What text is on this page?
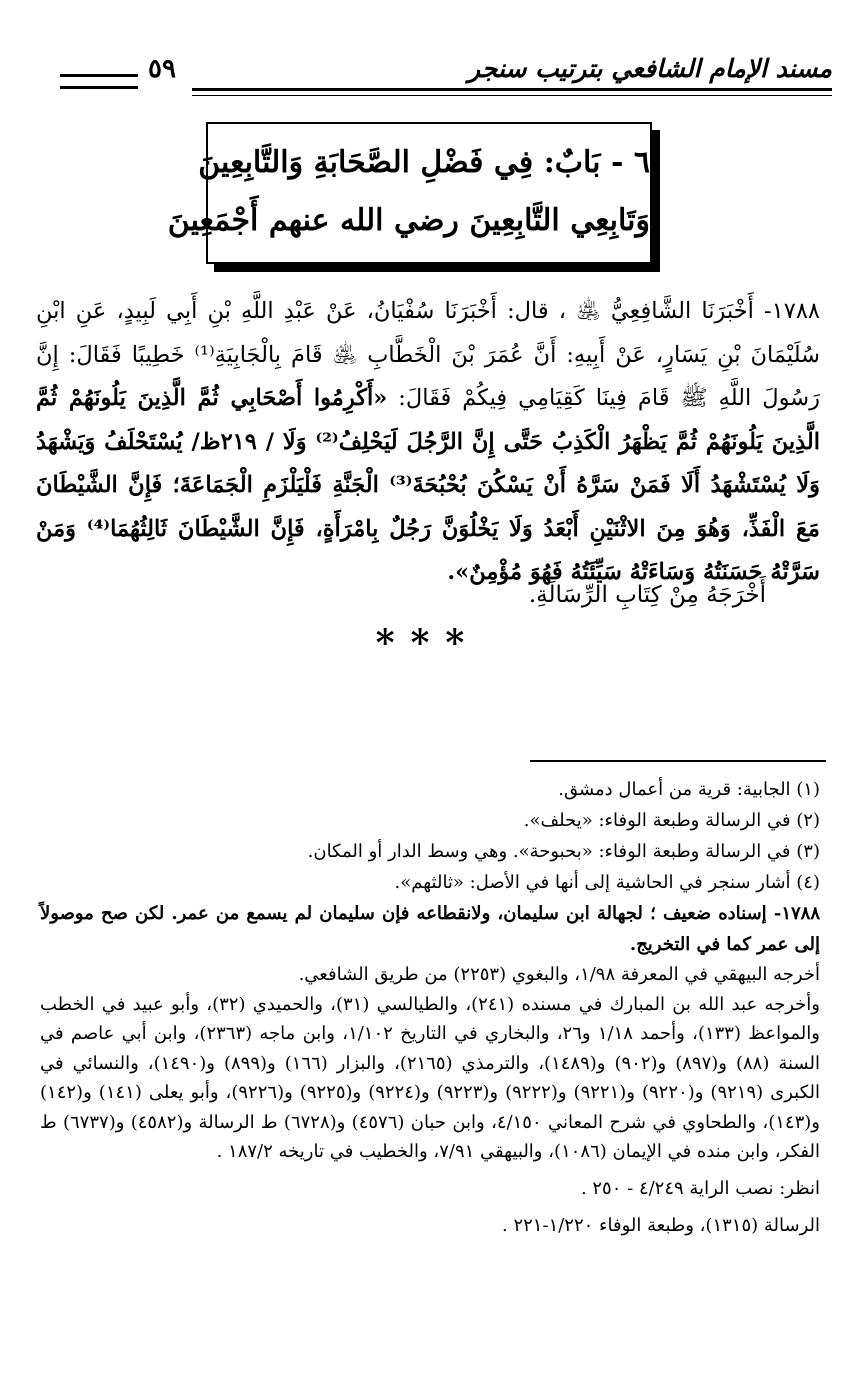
مسند الإمام الشافعي بترتيب سنجر
٥٩
٦ - بَابٌ: فِي فَضْلِ الصَّحَابَةِ وَالتَّابِعِينَ
وَتَابِعِي التَّابِعِينَ رضي الله عنهم أَجْمَعِينَ
١٧٨٨- أَخْبَرَنَا الشَّافِعِيُّ ﵁ ، قال: أَخْبَرَنَا سُفْيَانُ، عَنْ عَبْدِ اللَّهِ بْنِ أَبِي لَبِيدٍ، عَنِ ابْنِ سُلَيْمَانَ بْنِ يَسَارٍ، عَنْ أَبِيهِ: أَنَّ عُمَرَ بْنَ الْخَطَّابِ ﵁ قَامَ بِالْجَابِيَةِ⁽¹⁾ خَطِيبًا فَقَالَ: إِنَّ رَسُولَ اللَّهِ ﷺ قَامَ فِينَا كَقِيَامِي فِيكُمْ فَقَالَ: «أَكْرِمُوا أَصْحَابِي ثُمَّ الَّذِينَ يَلُونَهُمْ ثُمَّ الَّذِينَ يَلُونَهُمْ ثُمَّ يَظْهَرُ الْكَذِبُ حَتَّى إِنَّ الرَّجُلَ لَيَحْلِفُ⁽²⁾ وَلَا / ٢١٩ظ/ يُسْتَحْلَفُ وَيَشْهَدُ وَلَا يُسْتَشْهَدُ أَلَا فَمَنْ سَرَّهُ أَنْ يَسْكُنَ بُحْبُحَةَ⁽³⁾ الْجَنَّةِ فَلْيَلْزَمِ الْجَمَاعَةَ؛ فَإِنَّ الشَّيْطَانَ مَعَ الْفَذِّ، وَهُوَ مِنَ الاثْنَيْنِ أَبْعَدُ وَلَا يَخْلُوَنَّ رَجُلٌ بِامْرَأَةٍ، فَإِنَّ الشَّيْطَانَ ثَالِثُهُمَا⁽⁴⁾ وَمَنْ سَرَّتْهُ حَسَنَتُهُ وَسَاءَتْهُ سَيِّئَتُهُ فَهُوَ مُؤْمِنٌ».
أَخْرَجَهُ مِنْ كِتَابِ الرِّسَالَةِ.
***

(١) الجابية: قرية من أعمال دمشق.

(٢) في الرسالة وطبعة الوفاء: «يحلف».

(٣) في الرسالة وطبعة الوفاء: «بحبوحة». وهي وسط الدار أو المكان.

(٤) أشار سنجر في الحاشية إلى أنها في الأصل: «ثالثهم».

١٧٨٨- إسناده ضعيف ؛ لجهالة ابن سليمان، ولانقطاعه فإن سليمان لم يسمع من عمر. لكن صح موصولاً إلى عمر كما في التخريج.

أخرجه البيهقي في المعرفة ١/٩٨، والبغوي (٢٢٥٣) من طريق الشافعي.

وأخرجه عبد الله بن المبارك في مسنده (٢٤١)، والطيالسي (٣١)، والحميدي (٣٢)، وأبو عبيد في الخطب والمواعظ (١٣٣)، وأحمد ١/١٨ و٢٦، والبخاري في التاريخ ١/١٠٢، وابن ماجه (٢٣٦٣)، وابن أبي عاصم في السنة (٨٨) و(٨٩٧) و(٩٠٢) و(١٤٨٩)، والترمذي (٢١٦٥)، والبزار (١٦٦) و(٨٩٩) و(١٤٩٠)، والنسائي في الكبرى (٩٢١٩) و(٩٢٢٠) و(٩٢٢١) و(٩٢٢٢) و(٩٢٢٣) و(٩٢٢٤) و(٩٢٢٥) و(٩٢٢٦)، وأبو يعلى (١٤١) و(١٤٢) و(١٤٣)، والطحاوي في شرح المعاني ٤/١٥٠، وابن حبان (٤٥٧٦) و(٦٧٢٨) ط الرسالة و(٤٥٨٢) و(٦٧٣٧) ط الفكر، وابن منده في الإيمان (١٠٨٦)، والبيهقي ٧/٩١، والخطيب في تاريخه ١٨٧/٢ .

انظر: نصب الراية ٤/٢٤٩ - ٢٥٠ .

الرسالة (١٣١٥)، وطبعة الوفاء ١/٢٢٠-٢٢١ .
